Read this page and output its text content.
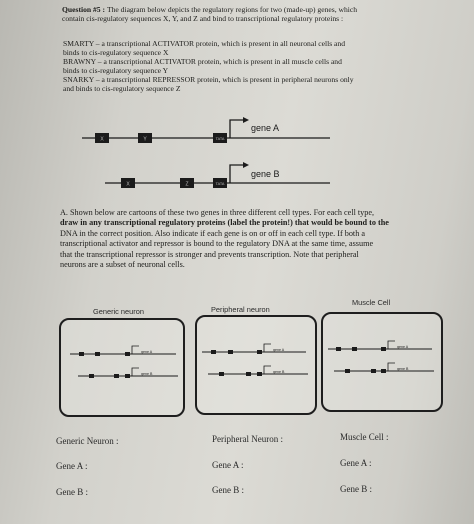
Question #5 : The diagram below depicts the regulatory regions for two (made-up) genes, which
contain cis-regulatory sequences X, Y, and Z and bind to transcriptional regulatory proteins :
SMARTY – a transcriptional ACTIVATOR protein, which is present in all neuronal cells and
binds to cis-regulatory sequence X
BRAWNY – a transcriptional ACTIVATOR protein, which is present in all muscle cells and
binds to cis-regulatory sequence Y
SNARKY – a transcriptional REPRESSOR protein, which is present in peripheral neurons only
and binds to cis-regulatory sequence Z
X	Y	TATA
gene A
X	Z	TATA
gene B
A. Shown below are cartoons of these two genes in three different cell types. For each cell type,
draw in any transcriptional regulatory proteins (label the protein!) that would be bound to the
DNA in the correct position. Also indicate if each gene is on or off in each cell type. If both a
transcriptional activator and repressor is bound to the regulatory DNA at the same time, assume
that the transcriptional repressor is stronger and prevents transcription. Note that peripheral
neurons are a subset of neuronal cells.
Generic neuron	Peripheral neuron
Muscle Cell
gene A
gene B
gene A
gene B
gene A
gene B
Generic Neuron :
Gene A :
Gene B :
Peripheral Neuron :
Gene A :
Gene B :
Muscle Cell :
Gene A :
Gene B :
